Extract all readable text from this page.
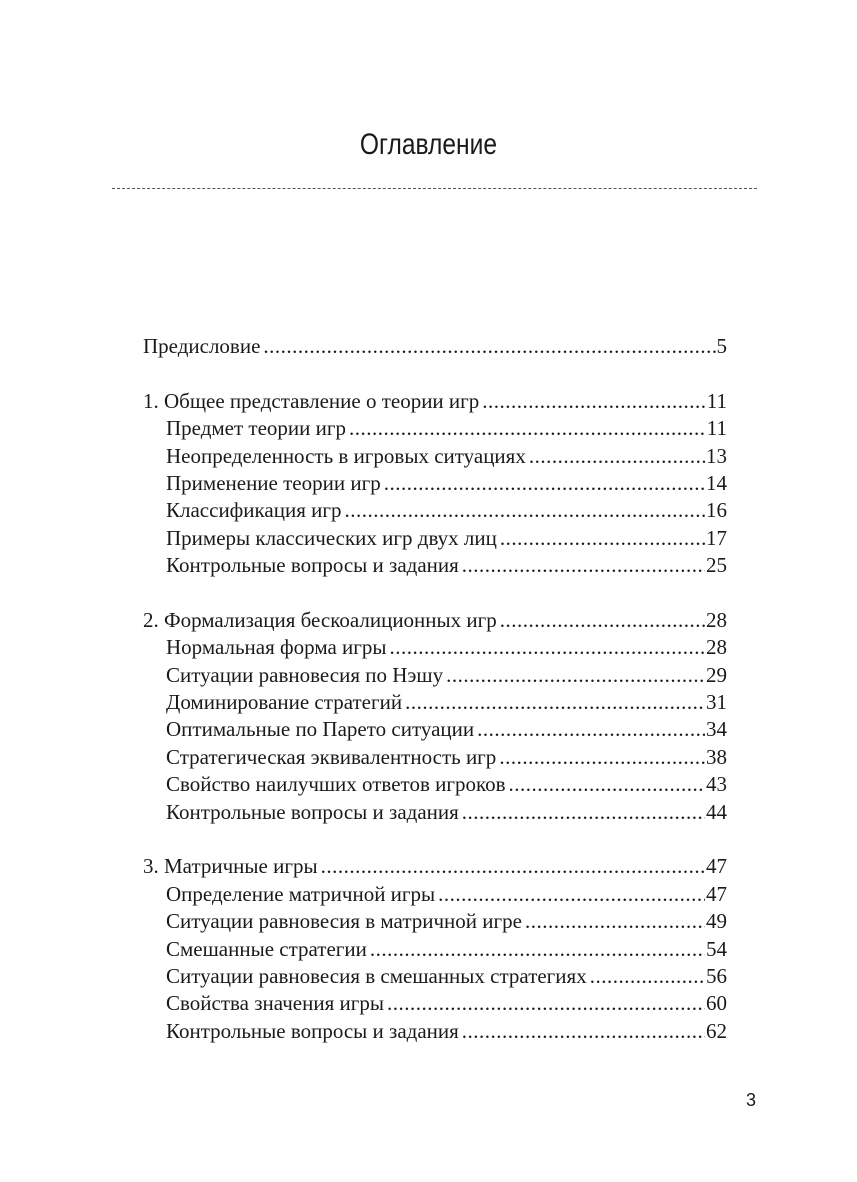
Оглавление
Предисловие .....	5
1. Общее представление о теории игр .....	11
Предмет теории игр .....	11
Неопределенность в игровых ситуациях .....	13
Применение теории игр .....	14
Классификация игр .....	16
Примеры классических игр двух лиц .....	17
Контрольные вопросы и задания .....	25
2. Формализация бескоалиционных игр .....	28
Нормальная форма игры .....	28
Ситуации равновесия по Нэшу .....	29
Доминирование стратегий .....	31
Оптимальные по Парето ситуации .....	34
Стратегическая эквивалентность игр .....	38
Свойство наилучших ответов игроков .....	43
Контрольные вопросы и задания .....	44
3. Матричные игры .....	47
Определение матричной игры .....	47
Ситуации равновесия в матричной игре .....	49
Смешанные стратегии .....	54
Ситуации равновесия в смешанных стратегиях .....	56
Свойства значения игры .....	60
Контрольные вопросы и задания .....	62
3
